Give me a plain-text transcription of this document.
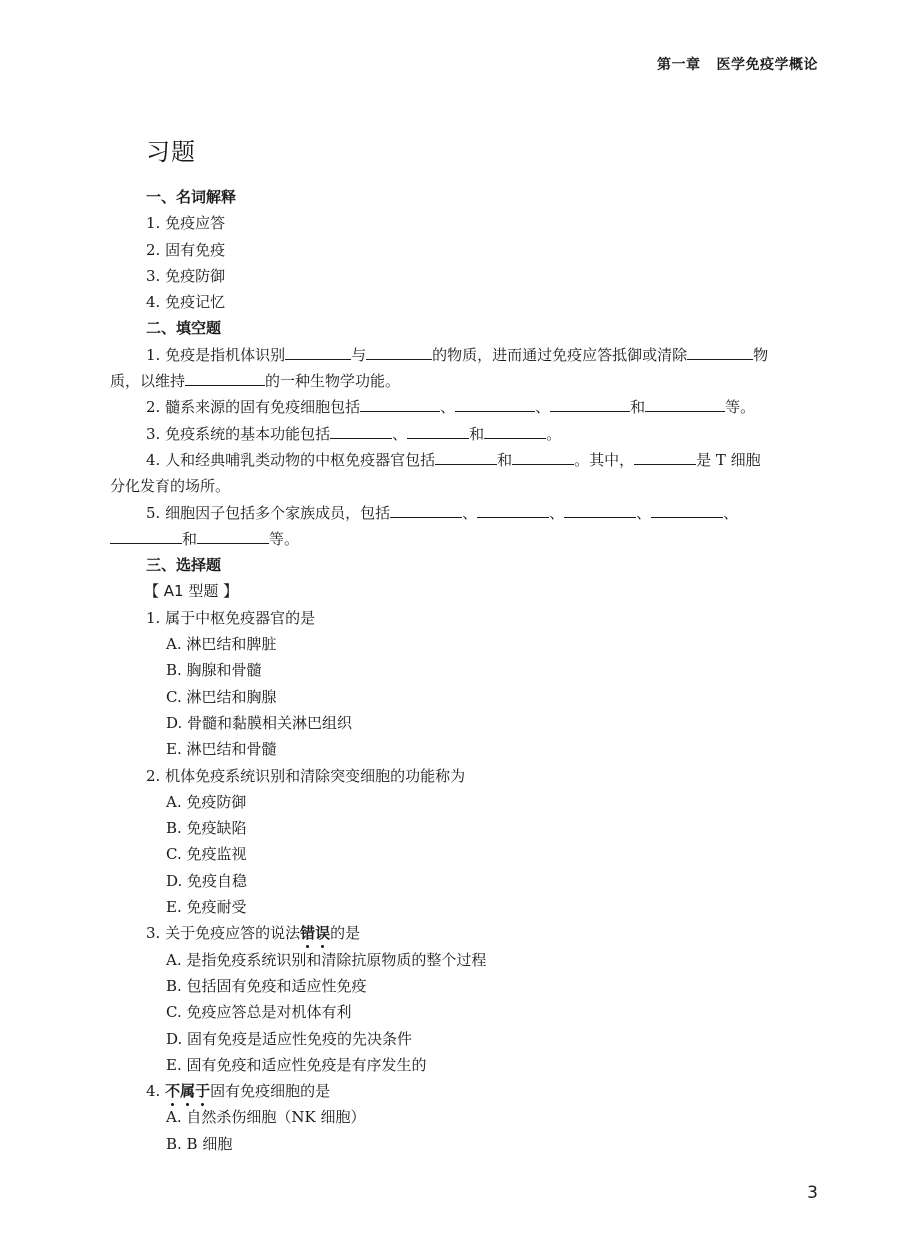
第一章 医学免疫学概论
习题
一、名词解释
1. 免疫应答
2. 固有免疫
3. 免疫防御
4. 免疫记忆
二、填空题
1. 免疫是指机体识别	与	的物质，进而通过免疫应答抵御或清除	物
质，以维持	的一种生物学功能。
2. 髓系来源的固有免疫细胞包括	、	、	和	等。
3. 免疫系统的基本功能包括	、	和	。
4. 人和经典哺乳类动物的中枢免疫器官包括	和	。其中，	是 T 细胞
分化发育的场所。
5. 细胞因子包括多个家族成员，包括	、	、	、	、
和	等。
三、选择题
【 A1 型题 】
1. 属于中枢免疫器官的是
A. 淋巴结和脾脏
B. 胸腺和骨髓
C. 淋巴结和胸腺
D. 骨髓和黏膜相关淋巴组织
E. 淋巴结和骨髓
2. 机体免疫系统识别和清除突变细胞的功能称为
A. 免疫防御
B. 免疫缺陷
C. 免疫监视
D. 免疫自稳
E. 免疫耐受
3. 关于免疫应答的说法错误
的是
A. 是指免疫系统识别和清除抗原物质的整个过程
B. 包括固有免疫和适应性免疫
C. 免疫应答总是对机体有利
D. 固有免疫是适应性免疫的先决条件
E. 固有免疫和适应性免疫是有序发生的
4. 不属于
固有免疫细胞的是
A. 自然杀伤细胞（NK 细胞）
B. B 细胞
3
